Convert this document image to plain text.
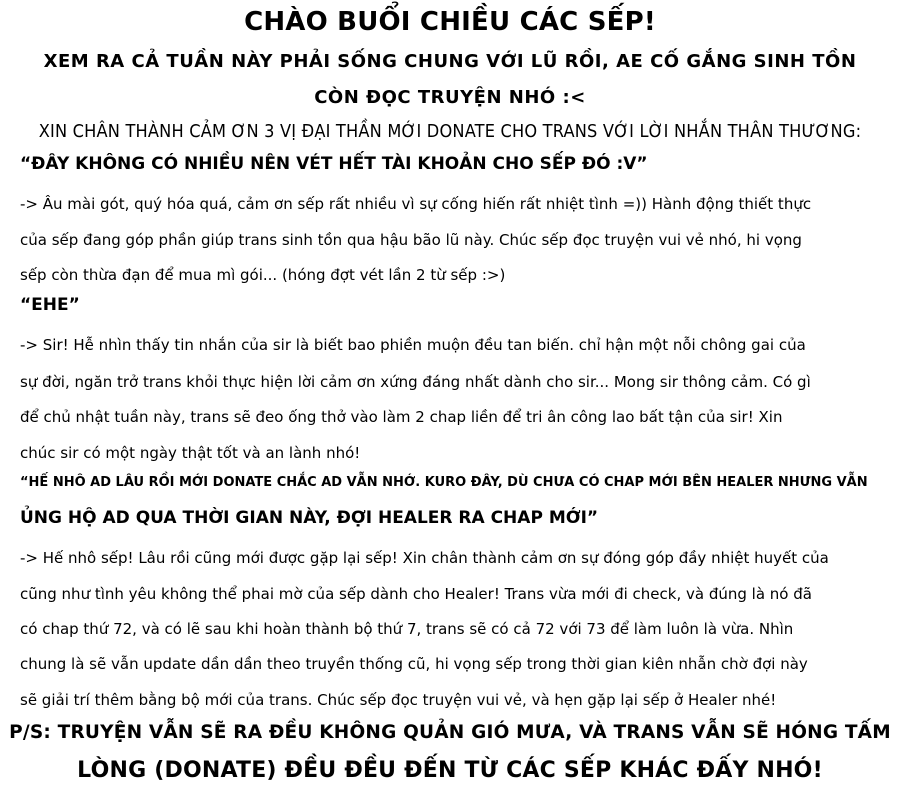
CHÀO BUỔI CHIỀU CÁC SẾP!
XEM RA CẢ TUẦN NÀY PHẢI SỐNG CHUNG VỚI LŨ RỒI, AE CỐ GẮNG SINH TỒN
CÒN ĐỌC TRUYỆN NHÓ :<
XIN CHÂN THÀNH CẢM ƠN 3 VỊ ĐẠI THẦN MỚI DONATE CHO TRANS VỚI LỜI NHẮN THÂN THƯƠNG:
“ĐÂY KHÔNG CÓ NHIỀU NÊN VÉT HẾT TÀI KHOẢN CHO SẾP ĐÓ :V”
-> Âu mài gót, quý hóa quá, cảm ơn sếp rất nhiều vì sự cống hiến rất nhiệt tình =)) Hành động thiết thực
của sếp đang góp phần giúp trans sinh tồn qua hậu bão lũ này. Chúc sếp đọc truyện vui vẻ nhó, hi vọng
sếp còn thừa đạn để mua mì gói... (hóng đợt vét lần 2 từ sếp :>)
“EHE”
-> Sir! Hễ nhìn thấy tin nhắn của sir là biết bao phiền muộn đều tan biến. chỉ hận một nỗi chông gai của
sự đời, ngăn trở trans khỏi thực hiện lời cảm ơn xứng đáng nhất dành cho sir... Mong sir thông cảm. Có gì
để chủ nhật tuần này, trans sẽ đeo ống thở vào làm 2 chap liền để tri ân công lao bất tận của sir! Xin
chúc sir có một ngày thật tốt và an lành nhó!
“HẾ NHÔ AD LÂU RỒI MỚI DONATE CHẮC AD VẪN NHỚ. KURO ĐÂY, DÙ CHƯA CÓ CHAP MỚI BÊN HEALER NHƯNG VẪN
ỦNG HỘ AD QUA THỜI GIAN NÀY, ĐỢI HEALER RA CHAP MỚI”
-> Hế nhô sếp! Lâu rồi cũng mới được gặp lại sếp! Xin chân thành cảm ơn sự đóng góp đầy nhiệt huyết của
cũng như tình yêu không thể phai mờ của sếp dành cho Healer! Trans vừa mới đi check, và đúng là nó đã
có chap thứ 72, và có lẽ sau khi hoàn thành bộ thứ 7, trans sẽ có cả 72 với 73 để làm luôn là vừa. Nhìn
chung là sẽ vẫn update dần dần theo truyền thống cũ, hi vọng sếp trong thời gian kiên nhẫn chờ đợi này
sẽ giải trí thêm bằng bộ mới của trans. Chúc sếp đọc truyện vui vẻ, và hẹn gặp lại sếp ở Healer nhé!
P/S: TRUYỆN VẪN SẼ RA ĐỀU KHÔNG QUẢN GIÓ MƯA, VÀ TRANS VẪN SẼ HÓNG TẤM
LÒNG (DONATE) ĐỀU ĐỀU ĐẾN TỪ CÁC SẾP KHÁC ĐẤY NHÓ!
